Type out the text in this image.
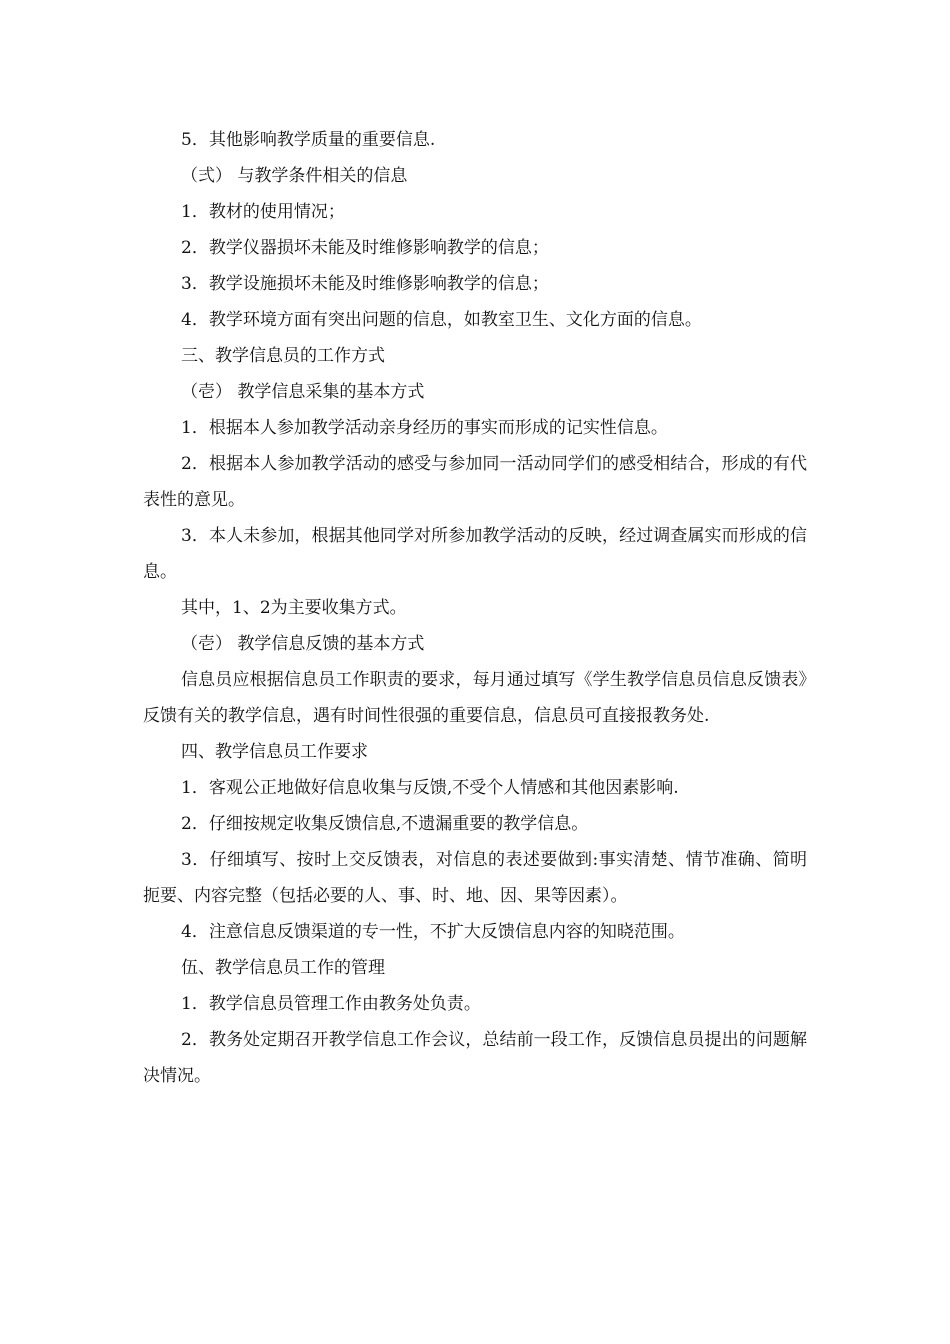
5．其他影响教学质量的重要信息.

（弍） 与教学条件相关的信息

1．教材的使用情况；

2．教学仪器损坏未能及时维修影响教学的信息；

3．教学设施损坏未能及时维修影响教学的信息；

4．教学环境方面有突出问题的信息，如教室卫生、文化方面的信息。

三、教学信息员的工作方式

（壱） 教学信息采集的基本方式

1．根据本人参加教学活动亲身经历的事实而形成的记实性信息。

2．根据本人参加教学活动的感受与参加同一活动同学们的感受相结合，形成的有代表性的意见。

3．本人未参加，根据其他同学对所参加教学活动的反映，经过调查属实而形成的信息。

其中，1、2为主要收集方式。

（壱） 教学信息反馈的基本方式

信息员应根据信息员工作职责的要求，每月通过填写《学生教学信息员信息反馈表》反馈有关的教学信息，遇有时间性很强的重要信息，信息员可直接报教务处.

四、教学信息员工作要求

1．客观公正地做好信息收集与反馈,不受个人情感和其他因素影响.

2．仔细按规定收集反馈信息,不遗漏重要的教学信息。

3．仔细填写、按时上交反馈表，对信息的表述要做到:事实清楚、情节准确、简明扼要、内容完整（包括必要的人、事、时、地、因、果等因素）。

4．注意信息反馈渠道的专一性，不扩大反馈信息内容的知晓范围。

伍、教学信息员工作的管理

1．教学信息员管理工作由教务处负责。

2．教务处定期召开教学信息工作会议，总结前一段工作，反馈信息员提出的问题解决情况。
